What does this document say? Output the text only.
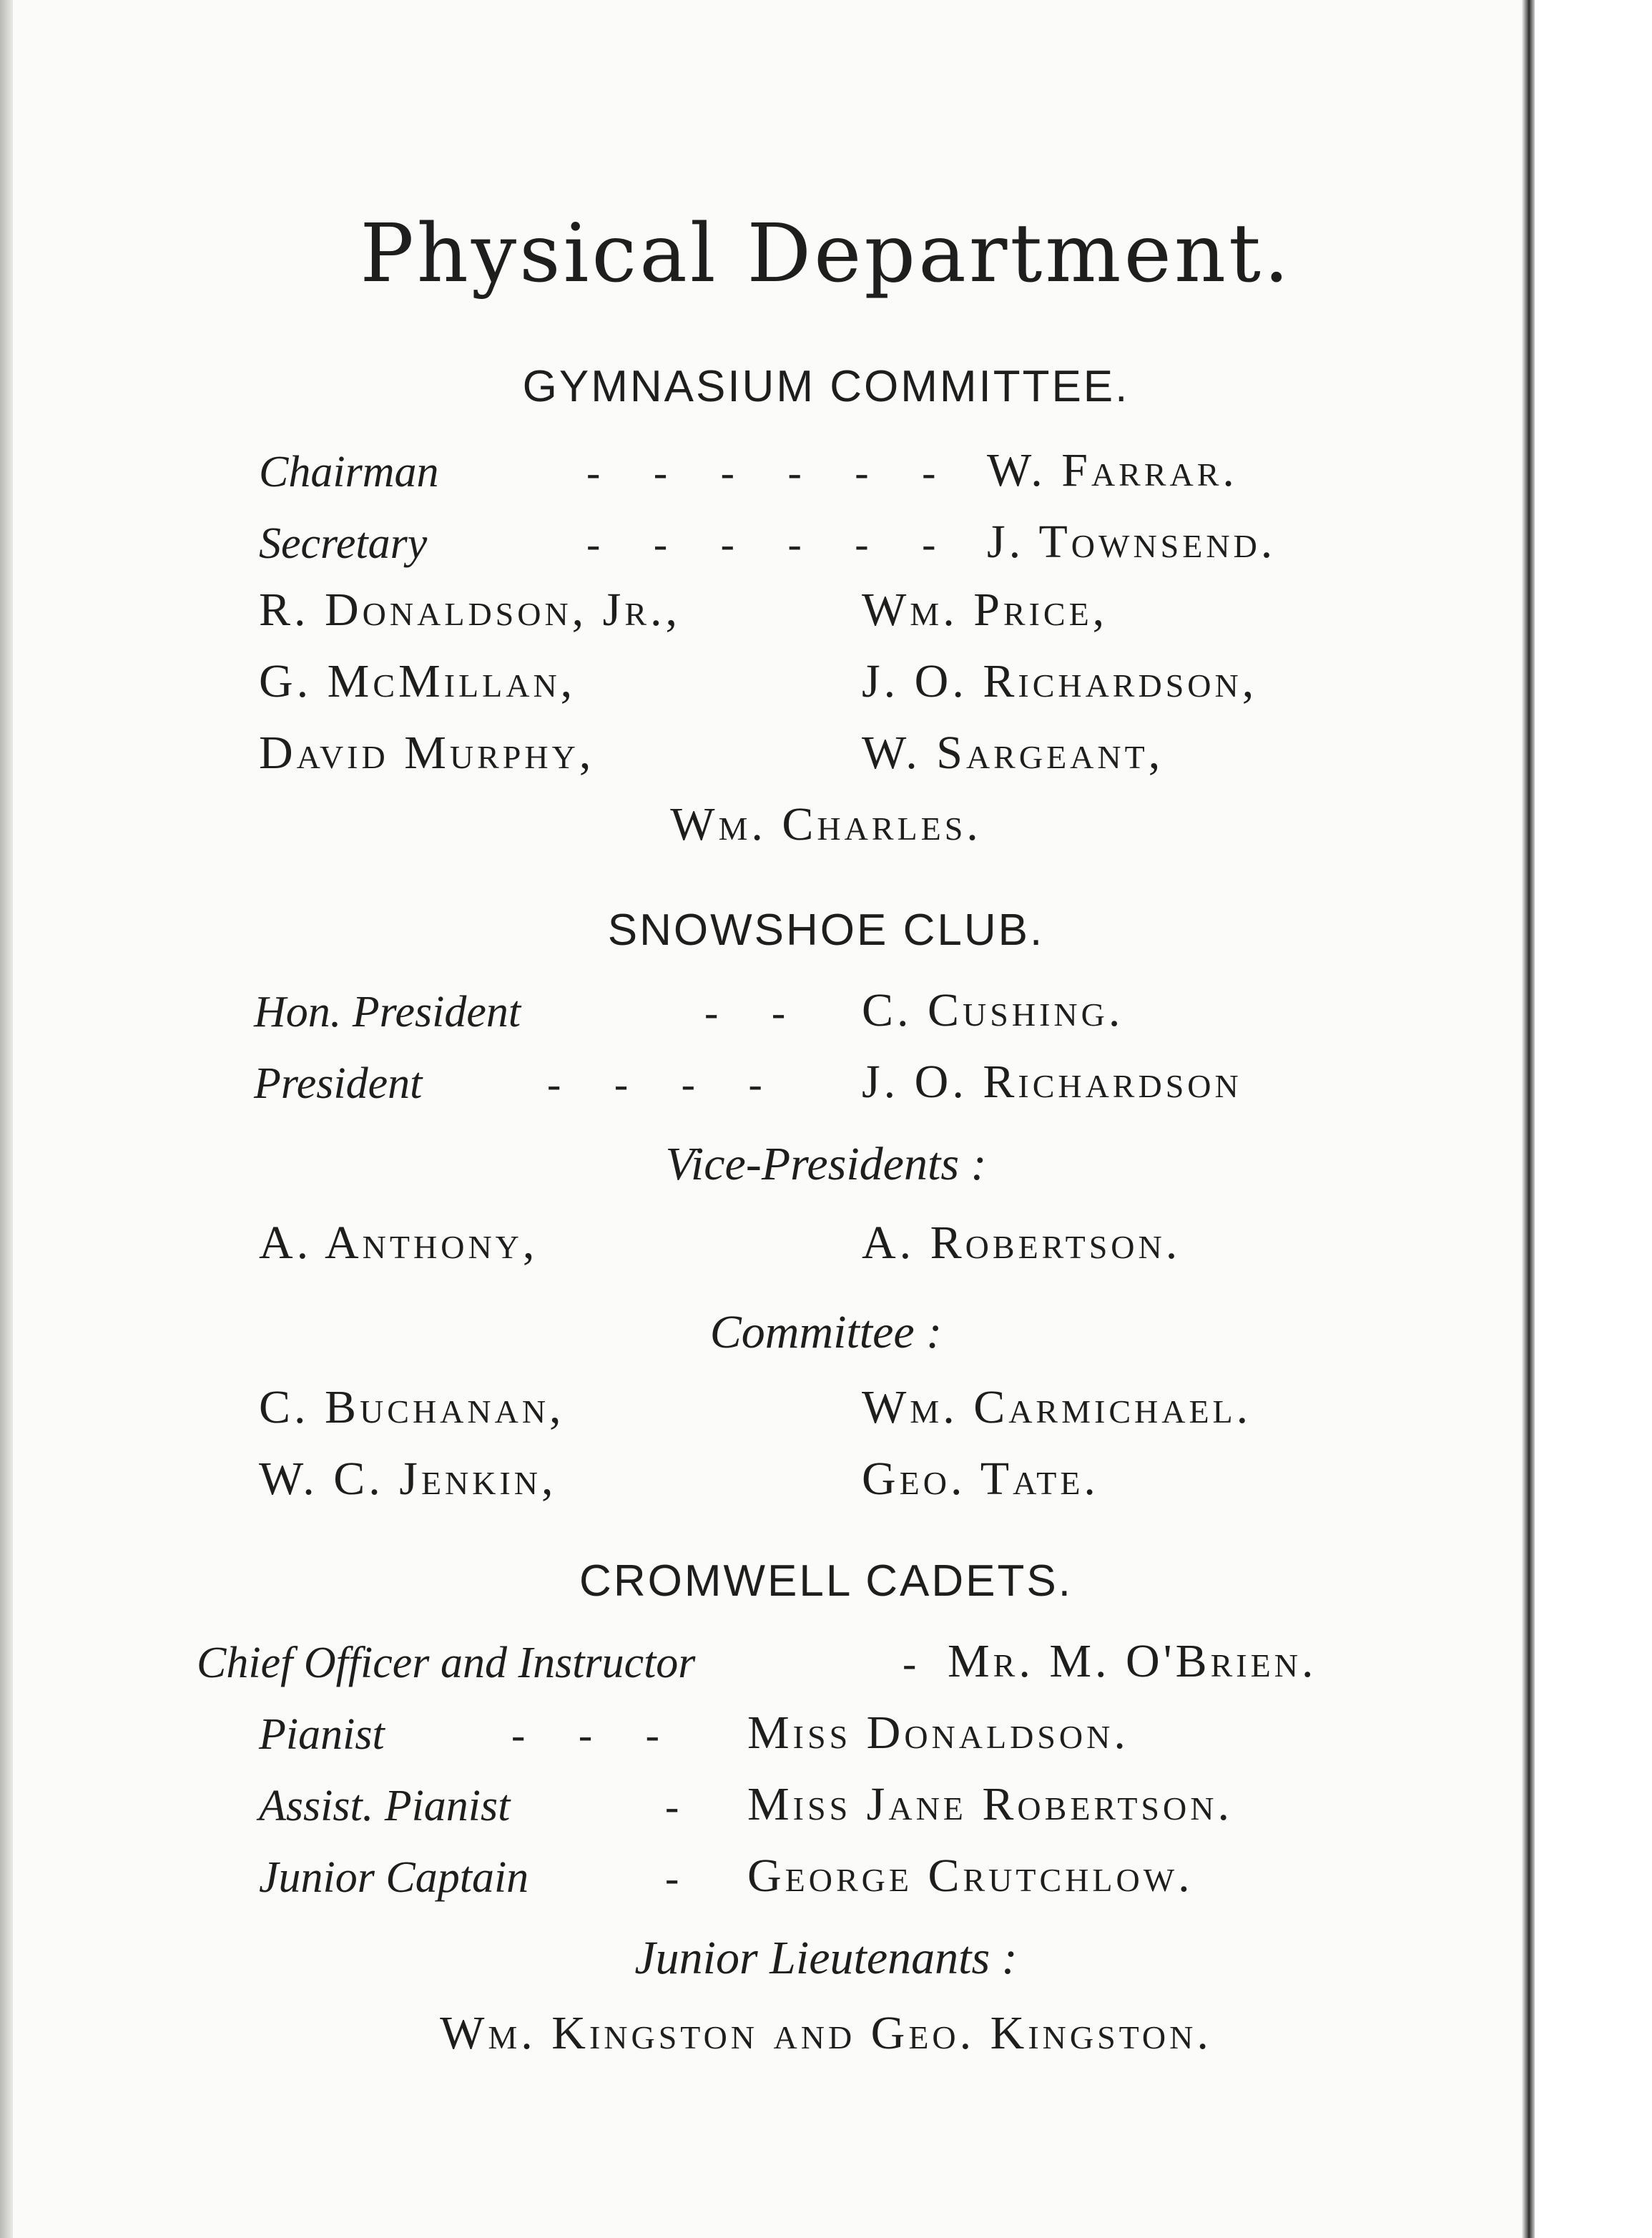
Physical Department.
GYMNASIUM COMMITTEE.
Chairman	- - - - - - W. Farrar.
Secretary	- - - - - - J. Townsend.
R. Donaldson, Jr.,	Wm. Price,
G. McMillan,	J. O. Richardson,
David Murphy,	W. Sargeant,
Wm. Charles.
SNOWSHOE CLUB.
Hon. President	- - C. Cushing.
President	- - - - J. O. Richardson
Vice-Presidents :
A. Anthony,	A. Robertson.
Committee :
C. Buchanan,	Wm. Carmichael.
W. C. Jenkin,	Geo. Tate.
CROMWELL CADETS.
Chief Officer and Instructor	- Mr. M. O'Brien.
Pianist	- - - Miss Donaldson.
Assist. Pianist	- Miss Jane Robertson.
Junior Captain	- George Crutchlow.
Junior Lieutenants :
Wm. Kingston and Geo. Kingston.
